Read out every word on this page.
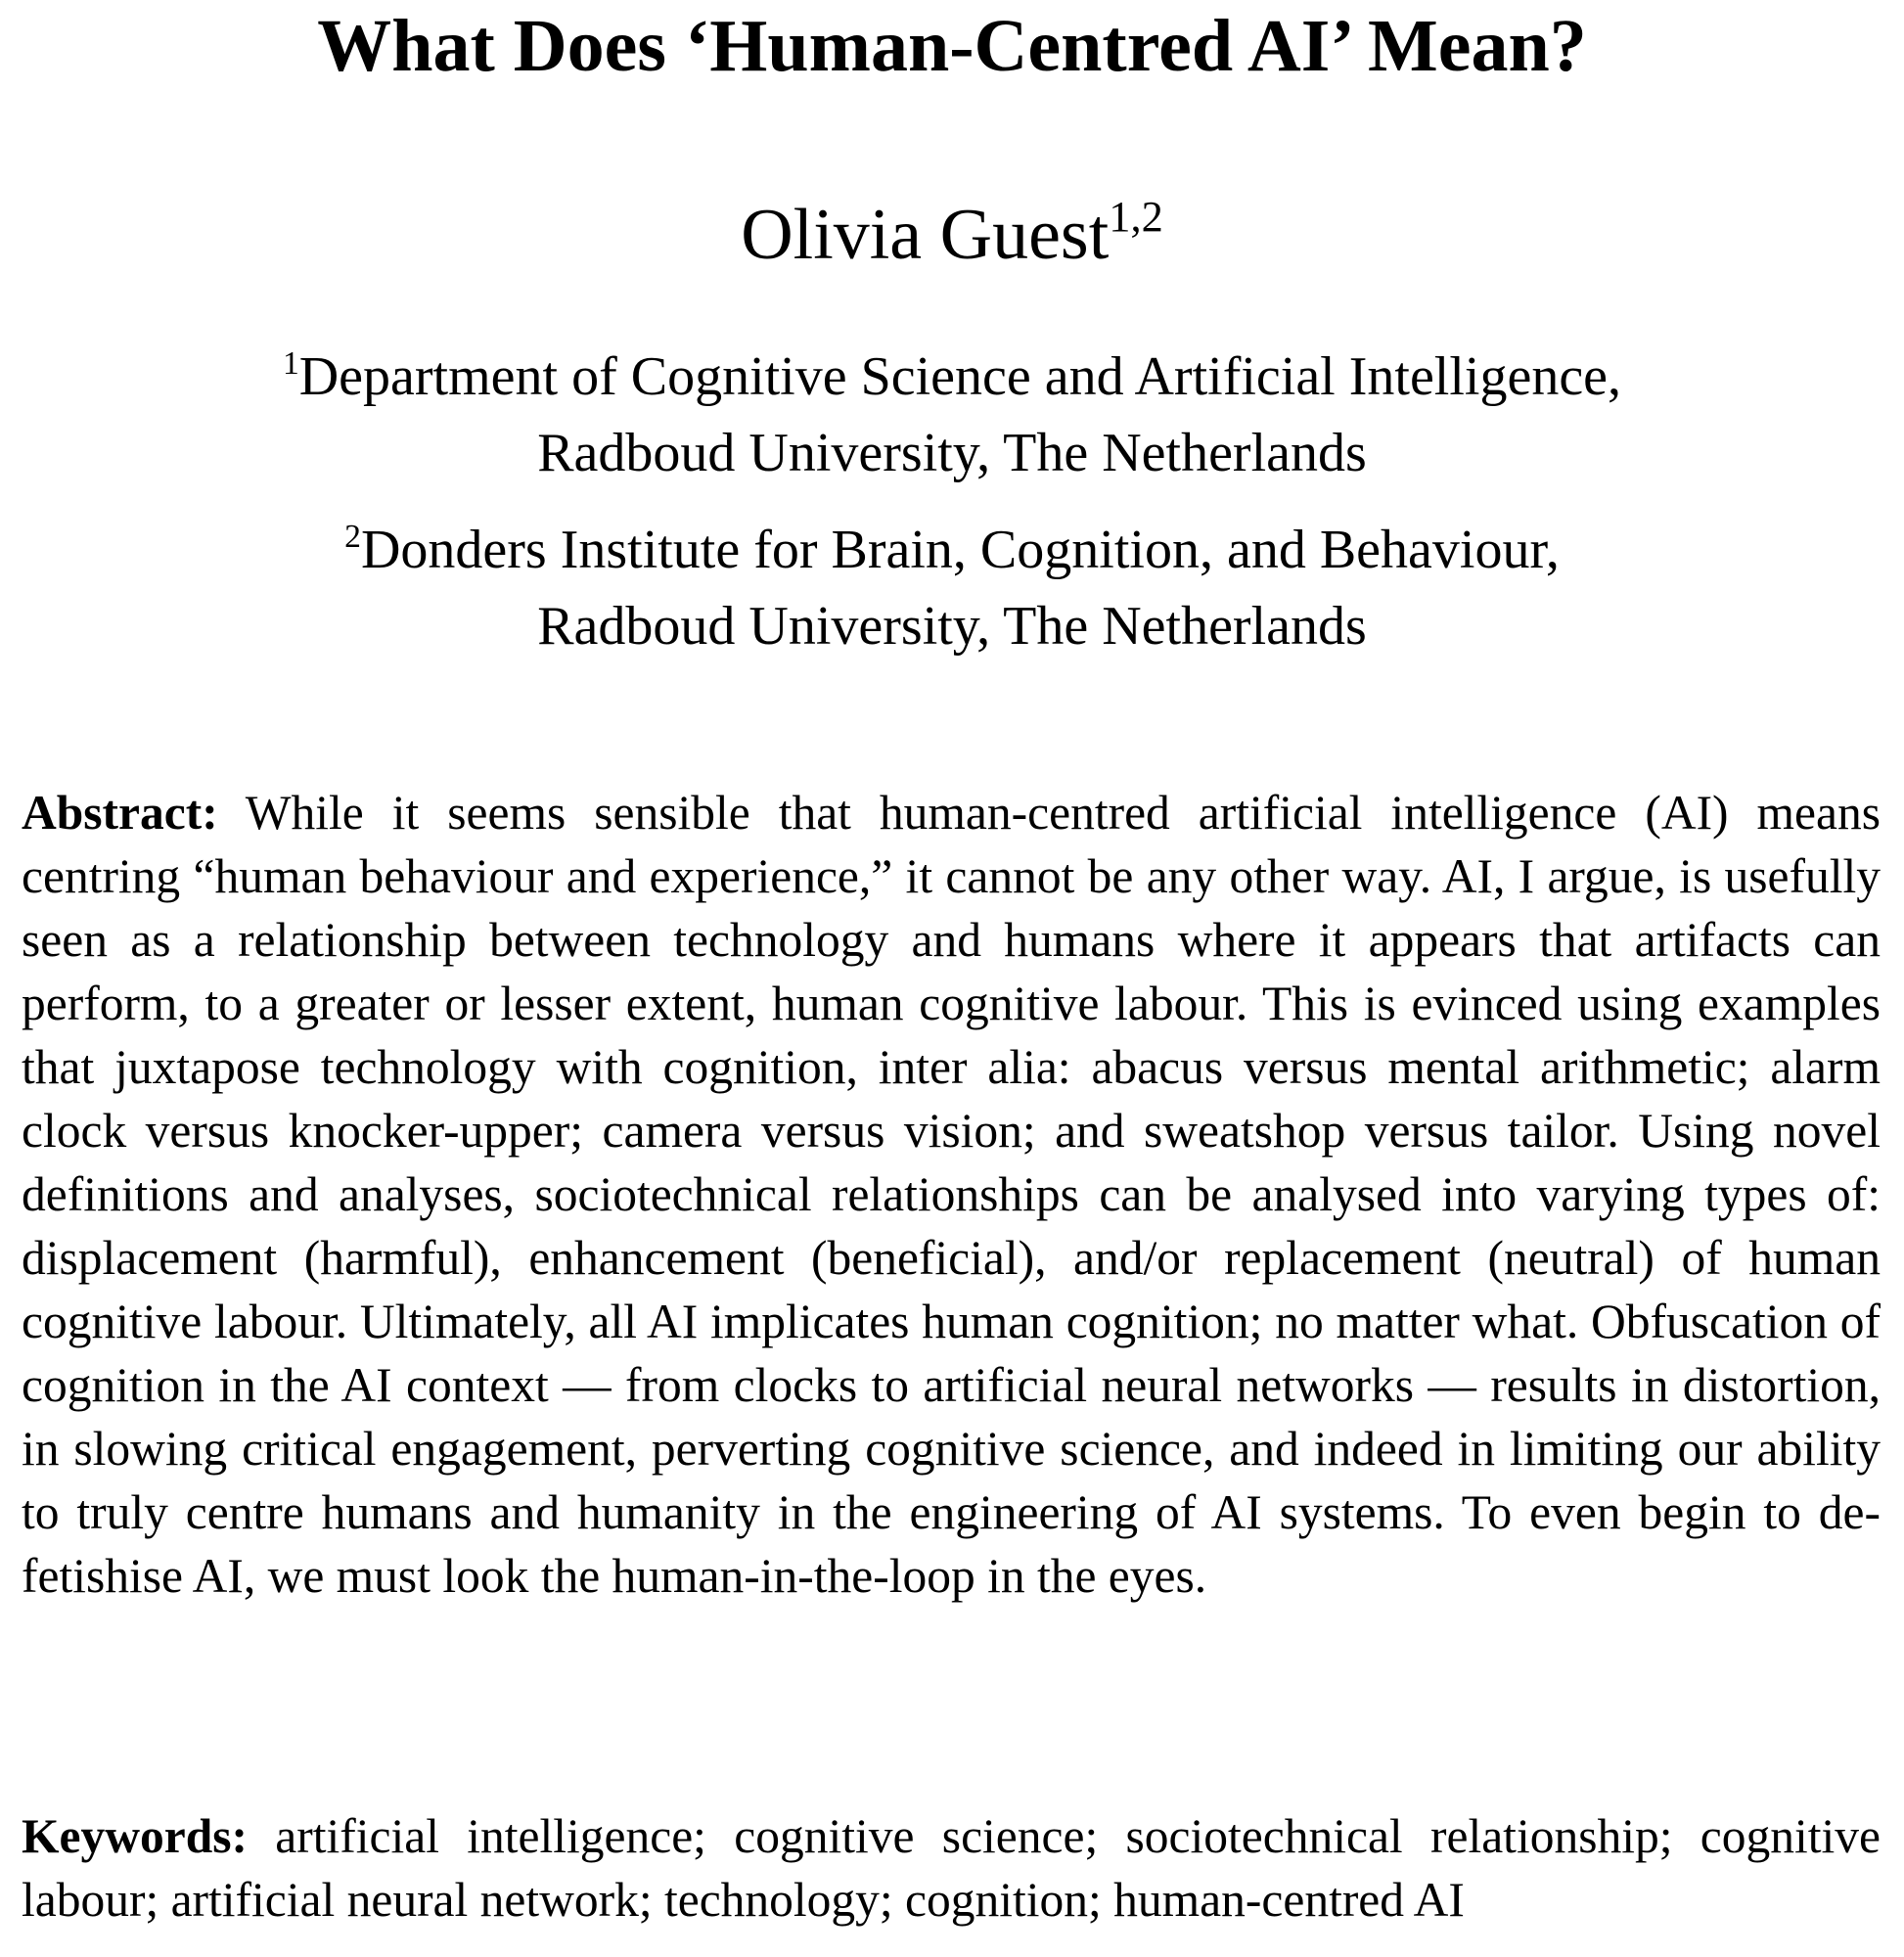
What Does ‘Human-Centred AI’ Mean?
Olivia Guest$^{1,2}$
$^1$Department of Cognitive Science and Artificial Intelligence,
Radboud University, The Netherlands
$^2$Donders Institute for Brain, Cognition, and Behaviour,
Radboud University, The Netherlands

Abstract: While it seems sensible that human-centred artificial intelligence (AI) means centring “human behaviour and experience,” it cannot be any other way. AI, I argue, is usefully seen as a relationship between technology and humans where it appears that artifacts can perform, to a greater or lesser extent, human cognitive labour. This is evinced using examples that juxtapose technology with cognition, inter alia: abacus versus mental arithmetic; alarm clock versus knocker-upper; camera versus vision; and sweatshop versus tailor. Using novel definitions and analyses, sociotechnical relationships can be analysed into varying types of: displacement (harmful), enhancement (beneficial), and/or replacement (neutral) of human cognitive labour. Ultimately, all AI implicates human cognition; no matter what. Obfuscation of cognition in the AI context — from clocks to artificial neural networks — results in distortion, in slowing critical engagement, perverting cognitive science, and indeed in limiting our ability to truly centre humans and humanity in the engineering of AI systems. To even begin to de-fetishise AI, we must look the human-in-the-loop in the eyes.

Keywords: artificial intelligence; cognitive science; sociotechnical relationship; cognitive labour; artificial neural network; technology; cognition; human-centred AI
